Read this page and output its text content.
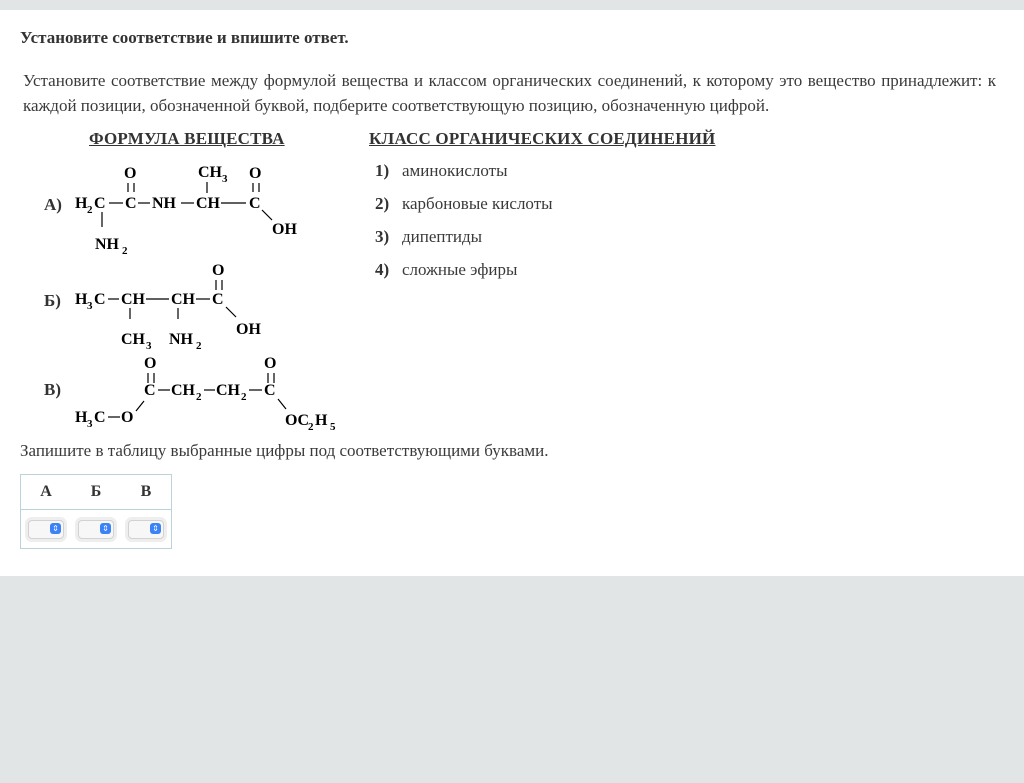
Установите соответствие и впишите ответ.
Установите соответствие между формулой вещества и классом органических соединений, к которому это вещество принадлежит: к каждой позиции, обозначенной буквой, подберите соответствующую позицию, обозначенную цифрой.
ФОРМУЛА ВЕЩЕСТВА	КЛАСС ОРГАНИЧЕСКИХ СОЕДИНЕНИЙ
А)
O	CH 3 O
H 2 C C NH CH C
OH
NH 2
Б)
O
H 3 C CH CH C
OH
CH 3 NH 2
В)
O	O
C CH 2 CH 2 C
OC 2 H 5
H 3 C O
1) аминокислоты
2) карбоновые кислоты
3) дипептиды
4) сложные эфиры
Запишите в таблицу выбранные цифры под соответствующими буквами.
А	Б	В

⇕	⇕	⇕
